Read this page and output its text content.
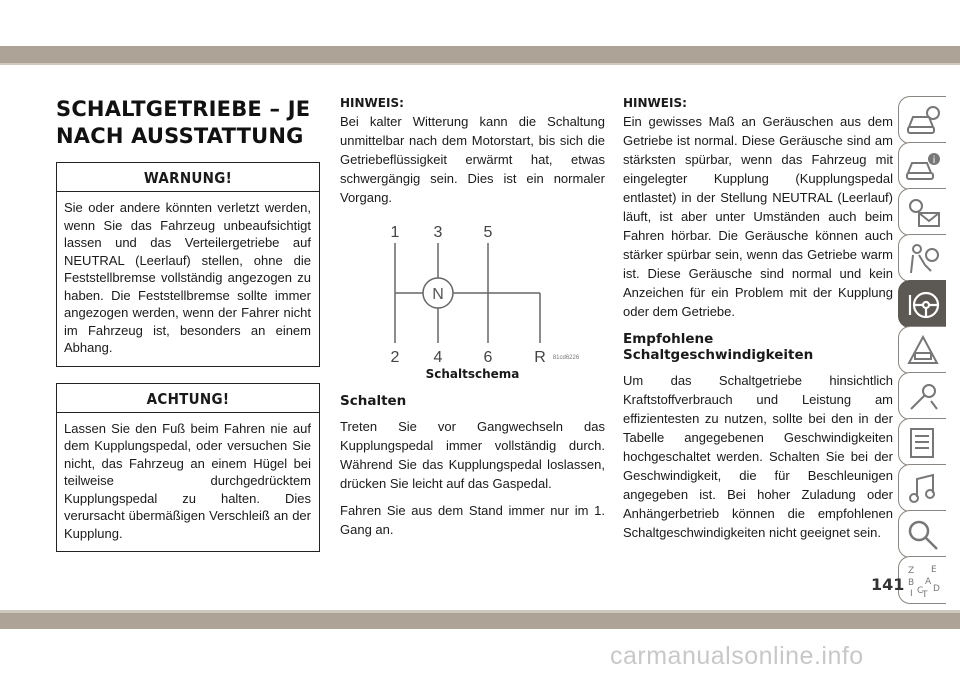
SCHALTGETRIEBE – JE NACH AUSSTATTUNG
WARNUNG!

Sie oder andere könnten verletzt werden, wenn Sie das Fahrzeug unbeaufsichtigt lassen und das Verteilergetriebe auf NEUTRAL (Leerlauf) stellen, ohne die Feststellbremse vollständig angezogen zu haben. Die Feststellbremse sollte immer angezogen werden, wenn der Fahrer nicht im Fahrzeug ist, besonders an einem Abhang.

ACHTUNG!

Lassen Sie den Fuß beim Fahren nie auf dem Kupplungspedal, oder versuchen Sie nicht, das Fahrzeug an einem Hügel bei teilweise durchgedrücktem Kupplungspedal zu halten. Dies verursacht übermäßigen Verschleiß an der Kupplung.

HINWEIS:

Bei kalter Witterung kann die Schaltung unmittelbar nach dem Motorstart, bis sich die Getriebeflüssigkeit erwärmt hat, etwas schwergängig sein. Dies ist ein normaler Vorgang.

N
1 3	5
2 4	6	R 81cd6226
Schaltschema
Schalten

Treten Sie vor Gangwechseln das Kupplungspedal immer vollständig durch. Während Sie das Kupplungspedal loslassen, drücken Sie leicht auf das Gaspedal.

Fahren Sie aus dem Stand immer nur im 1. Gang an.

HINWEIS:

Ein gewisses Maß an Geräuschen aus dem Getriebe ist normal. Diese Geräusche sind am stärksten spürbar, wenn das Fahrzeug mit eingelegter Kupplung (Kupplungspedal entlastet) in der Stellung NEUTRAL (Leerlauf) läuft, ist aber unter Umständen auch beim Fahren hörbar. Die Geräusche können auch stärker spürbar sein, wenn das Getriebe warm ist. Diese Geräusche sind normal und kein Anzeichen für ein Problem mit der Kupplung oder dem Getriebe.

Empfohlene Schaltgeschwindigkeiten

Um das Schaltgetriebe hinsichtlich Kraftstoffverbrauch und Leistung am effizientesten zu nutzen, sollte bei den in der Tabelle angegebenen Geschwindigkeiten hochgeschaltet werden. Schalten Sie bei der Geschwindigkeit, die für Beschleunigen angegeben ist. Bei hoher Zuladung oder Anhängerbetrieb können die empfohlenen Schaltgeschwindigkeiten nicht geeignet sein.

i
Z E
B A
I C
T
D
141
carmanualsonline.info
